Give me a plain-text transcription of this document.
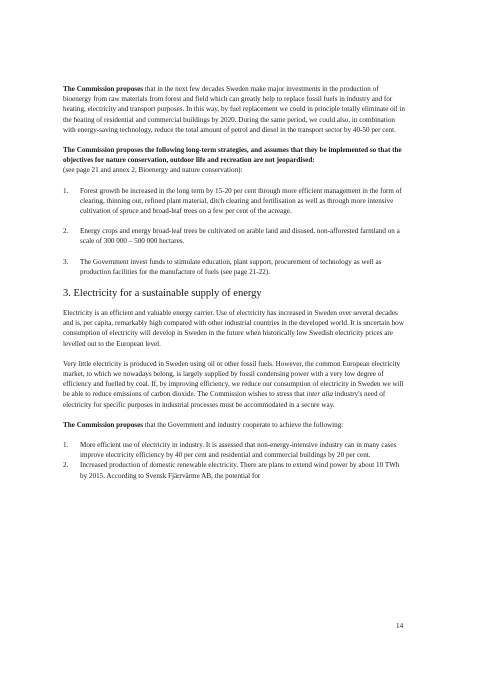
The Commission proposes that in the next few decades Sweden make major investments in the production of bioenergy from raw materials from forest and field which can greatly help to replace fossil fuels in industry and for heating, electricity and transport purposes. In this way, by fuel replacement we could in principle totally eliminate oil in the heating of residential and commercial buildings by 2020. During the same period, we could also, in combination with energy-saving technology, reduce the total amount of petrol and diesel in the transport sector by 40-50 per cent.

The Commission proposes the following long-term strategies, and assumes that they be implemented so that the objectives for nature conservation, outdoor life and recreation are not jeopardised:

(see page 21 and annex 2, Bioenergy and nature conservation):

1. Forest growth be increased in the long term by 15-20 per cent through more efficient management in the form of clearing, thinning out, refined plant material, ditch clearing and fertilisation as well as through more intensive cultivation of spruce and broad-leaf trees on a few per cent of the acreage.
2. Energy crops and energy broad-leaf trees be cultivated on arable land and disused, non-afforested farmland on a scale of 300 000 – 500 000 hectares.
3. The Government invest funds to stimulate education, plant support, procurement of technology as well as production facilities for the manufacture of fuels (see page 21-22).
3. Electricity for a sustainable supply of energy

Electricity is an efficient and valuable energy carrier. Use of electricity has increased in Sweden over several decades and is, per capita, remarkably high compared with other industrial countries in the developed world. It is uncertain how consumption of electricity will develop in Sweden in the future when historically low Swedish electricity prices are levelled out to the European level.

Very little electricity is produced in Sweden using oil or other fossil fuels. However, the common European electricity market, to which we nowadays belong, is largely supplied by fossil condensing power with a very low degree of efficiency and fuelled by coal. If, by improving efficiency, we reduce our consumption of electricity in Sweden we will be able to reduce emissions of carbon dioxide. The Commission wishes to stress that inter alia industry's need of electricity for specific purposes in industrial processes must be accommodated in a secure way.

The Commission proposes that the Government and industry cooperate to achieve the following:

1. More efficient use of electricity in industry. It is assessed that non-energy-intensive industry can in many cases improve electricity efficiency by 40 per cent and residential and commercial buildings by 20 per cent.
2. Increased production of domestic renewable electricity. There are plans to extend wind power by about 10 TWh by 2015. According to Svensk Fjärrvärme AB, the potential for
14
